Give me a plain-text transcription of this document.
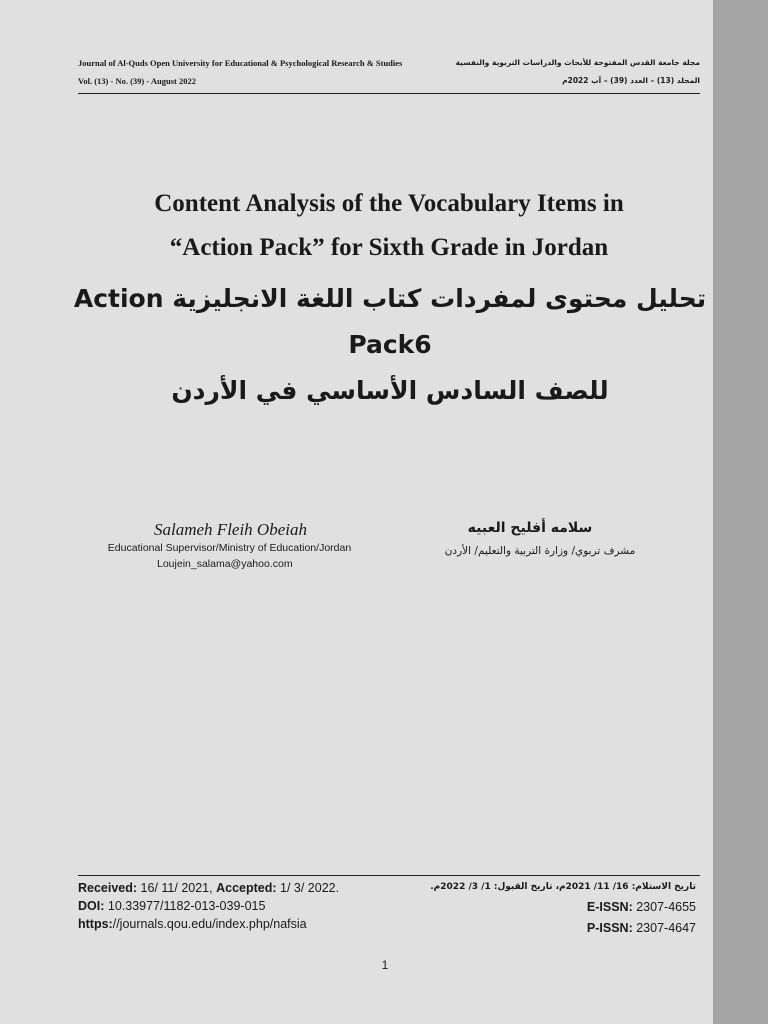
Journal of Al-Quds Open University for Educational & Psychological Research & Studies
Vol. (13) - No. (39) - August 2022
مجلة جامعة القدس المفتوحة للأبحاث والدراسات التربوية والنفسية
المجلد (13) – العدد (39) – آب 2022م
Content Analysis of the Vocabulary Items in
“Action Pack” for Sixth Grade in Jordan
تحليل محتوى لمفردات كتاب اللغة الانجليزية Action Pack6
للصف السادس الأساسي في الأردن
Salameh Fleih Obeiah
Educational Supervisor/Ministry of Education/Jordan
Loujein_salama@yahoo.com
سلامه أفليح العبيه
مشرف تربوي/ وزارة التربية والتعليم/ الأردن
Received: 16/ 11/ 2021, Accepted: 1/ 3/ 2022.
DOI: 10.33977/1182-013-039-015
https://journals.qou.edu/index.php/nafsia
تاريخ الاستلام: 16/ 11/ 2021م، تاريخ القبول: 1/ 3/ 2022م.
E-ISSN: 2307-4655
P-ISSN: 2307-4647
1
